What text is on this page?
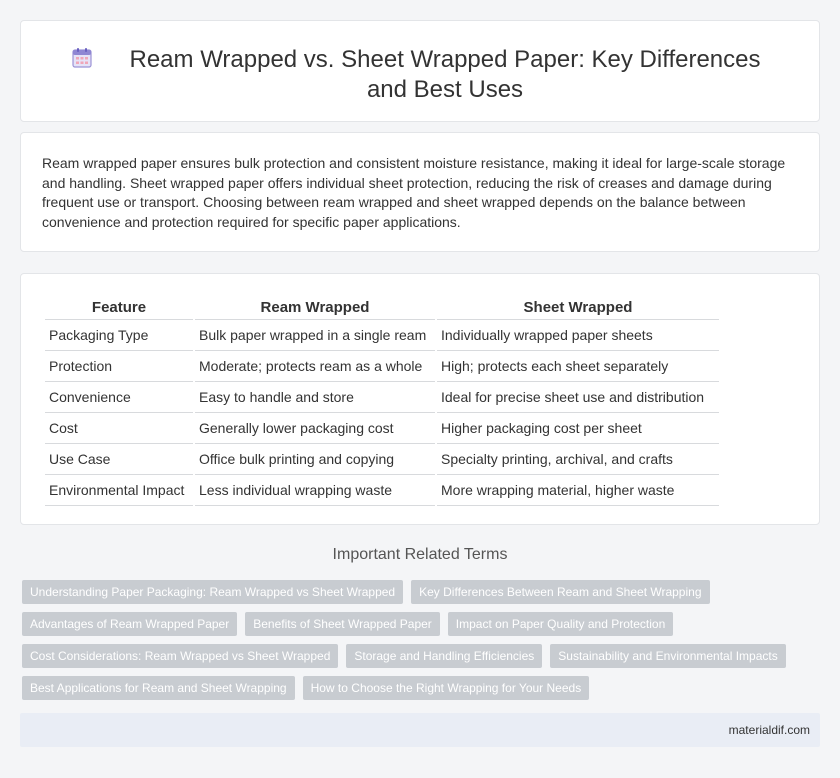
Ream Wrapped vs. Sheet Wrapped Paper: Key Differences and Best Uses

Ream wrapped paper ensures bulk protection and consistent moisture resistance, making it ideal for large-scale storage and handling. Sheet wrapped paper offers individual sheet protection, reducing the risk of creases and damage during frequent use or transport. Choosing between ream wrapped and sheet wrapped depends on the balance between convenience and protection required for specific paper applications.

Feature	Ream Wrapped	Sheet Wrapped
Packaging Type	Bulk paper wrapped in a single ream	Individually wrapped paper sheets
Protection	Moderate; protects ream as a whole	High; protects each sheet separately
Convenience	Easy to handle and store	Ideal for precise sheet use and distribution
Cost	Generally lower packaging cost	Higher packaging cost per sheet
Use Case	Office bulk printing and copying	Specialty printing, archival, and crafts
Environmental Impact	Less individual wrapping waste	More wrapping material, higher waste
Important Related Terms
Understanding Paper Packaging: Ream Wrapped vs Sheet Wrapped	Key Differences Between Ream and Sheet Wrapping
Advantages of Ream Wrapped Paper	Benefits of Sheet Wrapped Paper	Impact on Paper Quality and Protection
Cost Considerations: Ream Wrapped vs Sheet Wrapped	Storage and Handling Efficiencies	Sustainability and Environmental Impacts
Best Applications for Ream and Sheet Wrapping	How to Choose the Right Wrapping for Your Needs
materialdif.com
